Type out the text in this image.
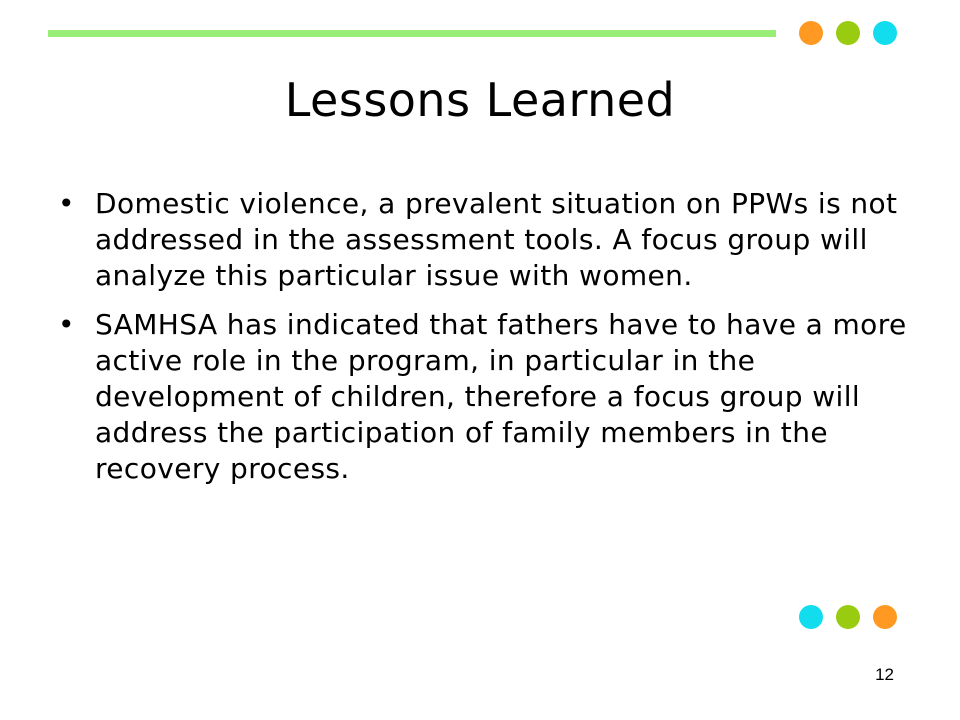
Lessons Learned
• Domestic violence, a prevalent situation on PPWs is not addressed in the assessment tools. A focus group will analyze this particular issue with women.
• SAMHSA has indicated that fathers have to have a more active role in the program, in particular in the development of children, therefore a focus group will address the participation of family members in the recovery process.
12
